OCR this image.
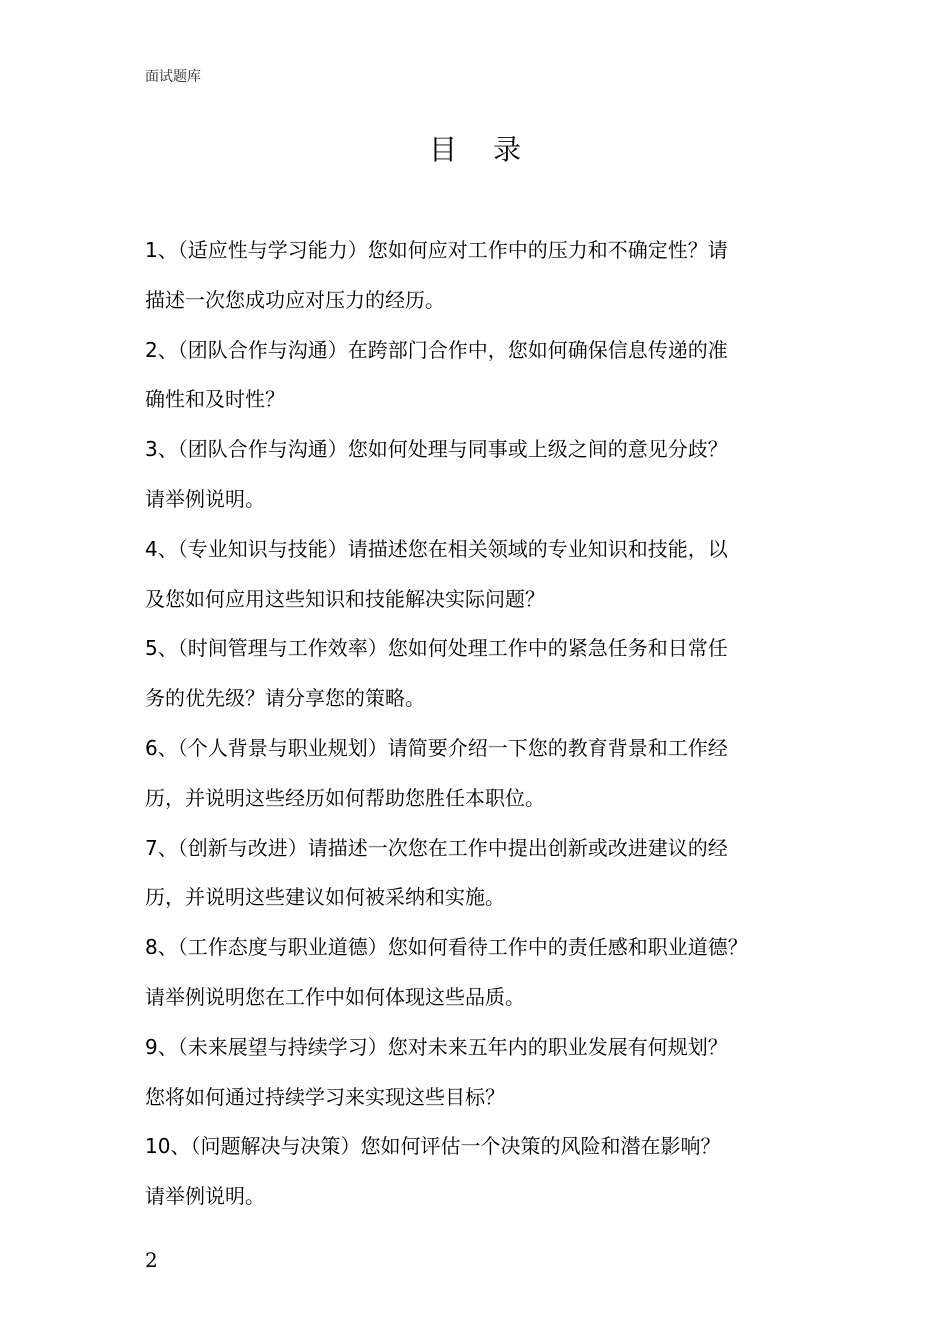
面试题库
目录
1、（适应性与学习能力）您如何应对工作中的压力和不确定性？请
描述一次您成功应对压力的经历。
2、（团队合作与沟通）在跨部门合作中，您如何确保信息传递的准
确性和及时性？
3、（团队合作与沟通）您如何处理与同事或上级之间的意见分歧？
请举例说明。
4、（专业知识与技能）请描述您在相关领域的专业知识和技能，以
及您如何应用这些知识和技能解决实际问题？
5、（时间管理与工作效率）您如何处理工作中的紧急任务和日常任
务的优先级？请分享您的策略。
6、（个人背景与职业规划）请简要介绍一下您的教育背景和工作经
历，并说明这些经历如何帮助您胜任本职位。
7、（创新与改进）请描述一次您在工作中提出创新或改进建议的经
历，并说明这些建议如何被采纳和实施。
8、（工作态度与职业道德）您如何看待工作中的责任感和职业道德？
请举例说明您在工作中如何体现这些品质。
9、（未来展望与持续学习）您对未来五年内的职业发展有何规划？
您将如何通过持续学习来实现这些目标？
10、（问题解决与决策）您如何评估一个决策的风险和潜在影响？
请举例说明。
2
